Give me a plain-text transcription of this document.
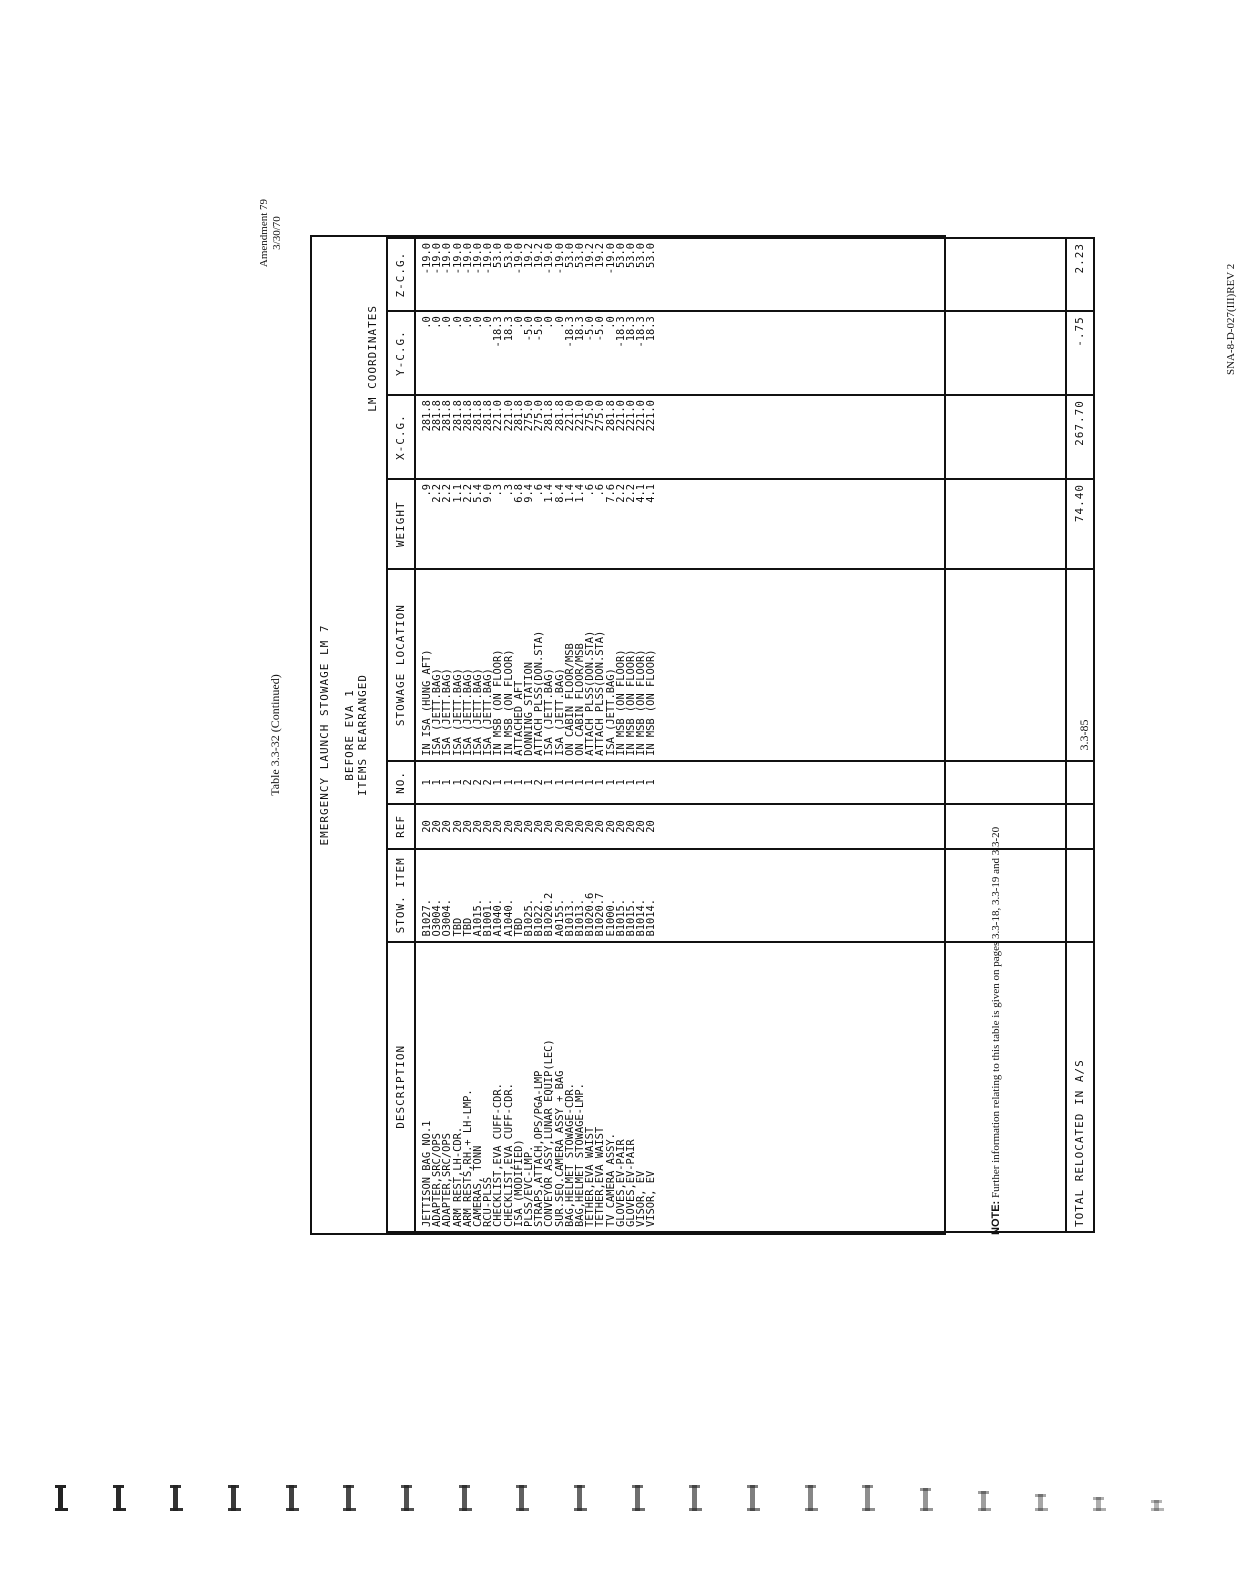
Table 3.3-32 (Continued)
Amendment 79 3/30/70
EMERGENCY LAUNCH STOWAGE LM 7 BEFORE EVA 1 ITEMS REARRANGED
LM COORDINATES
DESCRIPTION	STOW. ITEM	REF	NO.	STOWAGE LOCATION	WEIGHT	X-C.G.	Y-C.G.	Z-C.G.
JETTISON BAG NO.1	B1027.	20	1	IN ISA (HUNG AFT)	.9	281.8	.0	-19.0
ADAPTER,SRC/OPS	O3004.	20	1	ISA (JETT.BAG)	2.2	281.8	.0	-19.0
ADAPTER,SRC/OPS	O3004.	20	1	ISA (JETT.BAG)	2.2	281.8	.0	-19.0
ARM REST,LH-CDR.	TBD	20	1	ISA (JETT.BAG)	1.1	281.8	.0	-19.0
ARM RESTS,RH.+ LH-LMP.	TBD	20	2	ISA (JETT.BAG)	2.2	281.8	.0	-19.0
CAMERAS, TONN	A1015.	20	2	ISA (JETT.BAG)	5.4	281.8	.0	-19.0
RCU-PLSS	B1001.	20	2	ISA (JETT.BAG)	9.0	281.8	.0	-19.0
CHECKLIST,EVA CUFF-CDR.	A1040.	20	1	IN MSB (ON FLOOR)	.3	221.0	-18.3	53.0
CHECKLIST,EVA CUFF-CDR.	A1040.	20	1	IN MSB (ON FLOOR)	.3	221.0	18.3	53.0
ISA (MODIFIED)	TBD	20	1	ATTACHED AFT	6.8	281.8	.0	-19.0
PLSS/EVC-LMP.	B1025.	20	1	DONNING STATION	9.4	275.0	-5.0	19.2
STRAPS,ATTACH,OPS/PGA-LMP	B1022.	20	2	ATTACH PLSS(DON.STA)	.6	275.0	-5.0	19.2
CONVEYOR ASSY,LUNAR EQUIP(LEC)	B1020.2	20	1	ISA (JETT.BAG)	1.4	281.8	.0	-19.0
SUR.SEQ.CAMERA ASSY + BAG	A0155.	20	1	ISA (JETT.BAG)	8.4	281.8	.0	-19.0
BAG,HELMET STOWAGE-CDR.	B1013.	20	1	ON CABIN FLOOR/MSB	1.4	221.0	-18.3	53.0
BAG,HELMET STOWAGE-LMP.	B1013.	20	1	ON CABIN FLOOR/MSB	1.4	221.0	18.3	53.0
TETHER,EVA WAIST	B1020.6	20	1	ATTACH PLSS(DON.STA)	.6	275.0	-5.0	19.2
TETHER,EVA WAIST	B1020.7	20	1	ATTACH PLSS(DON.STA)	.6	275.0	-5.0	19.2
TV CAMERA ASSY.	E1000.	20	1	ISA (JETT.BAG)	7.6	281.8	.0	-19.0
GLOVES,EV-PAIR	B1015.	20	1	IN MSB (ON FLOOR)	2.2	221.0	-18.3	53.0
GLOVES,EV-PAIR	B1015.	20	1	IN MSB (ON FLOOR)	2.2	221.0	18.3	53.0
VISOR, EV	B1014.	20	1	IN MSB (ON FLOOR)	4.1	221.0	-18.3	53.0
VISOR, EV	B1014.	20	1	IN MSB (ON FLOOR)	4.1	221.0	18.3	53.0

TOTAL RELOCATED IN A/S					74.40	267.70	-.75	2.23
NOTE: Further information relating to this table is given on pages 3.3-18, 3.3-19 and 3.3-20
3.3-85
SNA-8-D-027(III)REV 2
